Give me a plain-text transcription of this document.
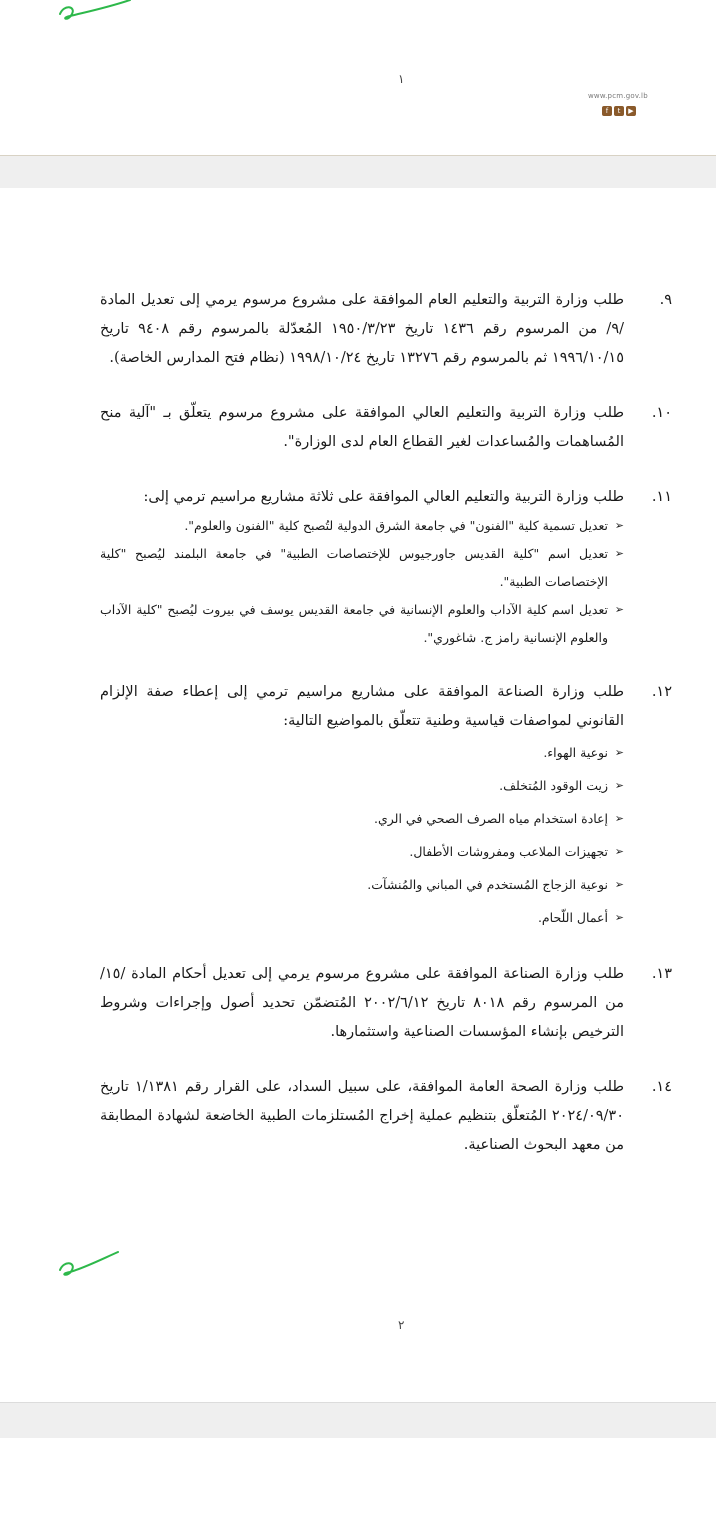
١
www.pcm.gov.lb
f	t	▶
٩.

طلب وزارة التربية والتعليم العام الموافقة على مشروع مرسوم يرمي إلى تعديل المادة /٩/ من المرسوم رقم ١٤٣٦ تاريخ ١٩٥٠/٣/٢٣ المُعدّلة بالمرسوم رقم ٩٤٠٨ تاريخ ١٩٩٦/١٠/١٥ ثم بالمرسوم رقم ١٣٢٧٦ تاريخ ١٩٩٨/١٠/٢٤ (نظام فتح المدارس الخاصة).

١٠.

طلب وزارة التربية والتعليم العالي الموافقة على مشروع مرسوم يتعلّق بـ "آلية منح المُساهمات والمُساعدات لغير القطاع العام لدى الوزارة".

١١.

طلب وزارة التربية والتعليم العالي الموافقة على ثلاثة مشاريع مراسيم ترمي إلى:

➢ تعديل تسمية كلية "الفنون" في جامعة الشرق الدولية لتُصبح كلية "الفنون والعلوم".
➢ تعديل اسم "كلية القديس جاورجيوس للإختصاصات الطبية" في جامعة البلمند ليُصبح "كلية الإختصاصات الطبية".
➢ تعديل اسم كلية الآداب والعلوم الإنسانية في جامعة القديس يوسف في بيروت ليُصبح "كلية الآداب والعلوم الإنسانية رامز ج. شاغوري".
١٢.

طلب وزارة الصناعة الموافقة على مشاريع مراسيم ترمي إلى إعطاء صفة الإلزام القانوني لمواصفات قياسية وطنية تتعلّق بالمواضيع التالية:

➢ نوعية الهواء.
➢ زيت الوقود المُتخلف.
➢ إعادة استخدام مياه الصرف الصحي في الري.
➢ تجهيزات الملاعب ومفروشات الأطفال.
➢ نوعية الزجاج المُستخدم في المباني والمُنشآت.
➢ أعمال اللّحام.
١٣.

طلب وزارة الصناعة الموافقة على مشروع مرسوم يرمي إلى تعديل أحكام المادة /١٥/ من المرسوم رقم ٨٠١٨ تاريخ ٢٠٠٢/٦/١٢ المُتضمّن تحديد أصول وإجراءات وشروط الترخيص بإنشاء المؤسسات الصناعية واستثمارها.

١٤.

طلب وزارة الصحة العامة الموافقة، على سبيل السداد، على القرار رقم ١/١٣٨١ تاريخ ٢٠٢٤/٠٩/٣٠ المُتعلّق بتنظيم عملية إخراج المُستلزمات الطبية الخاضعة لشهادة المطابقة من معهد البحوث الصناعية.

٢
